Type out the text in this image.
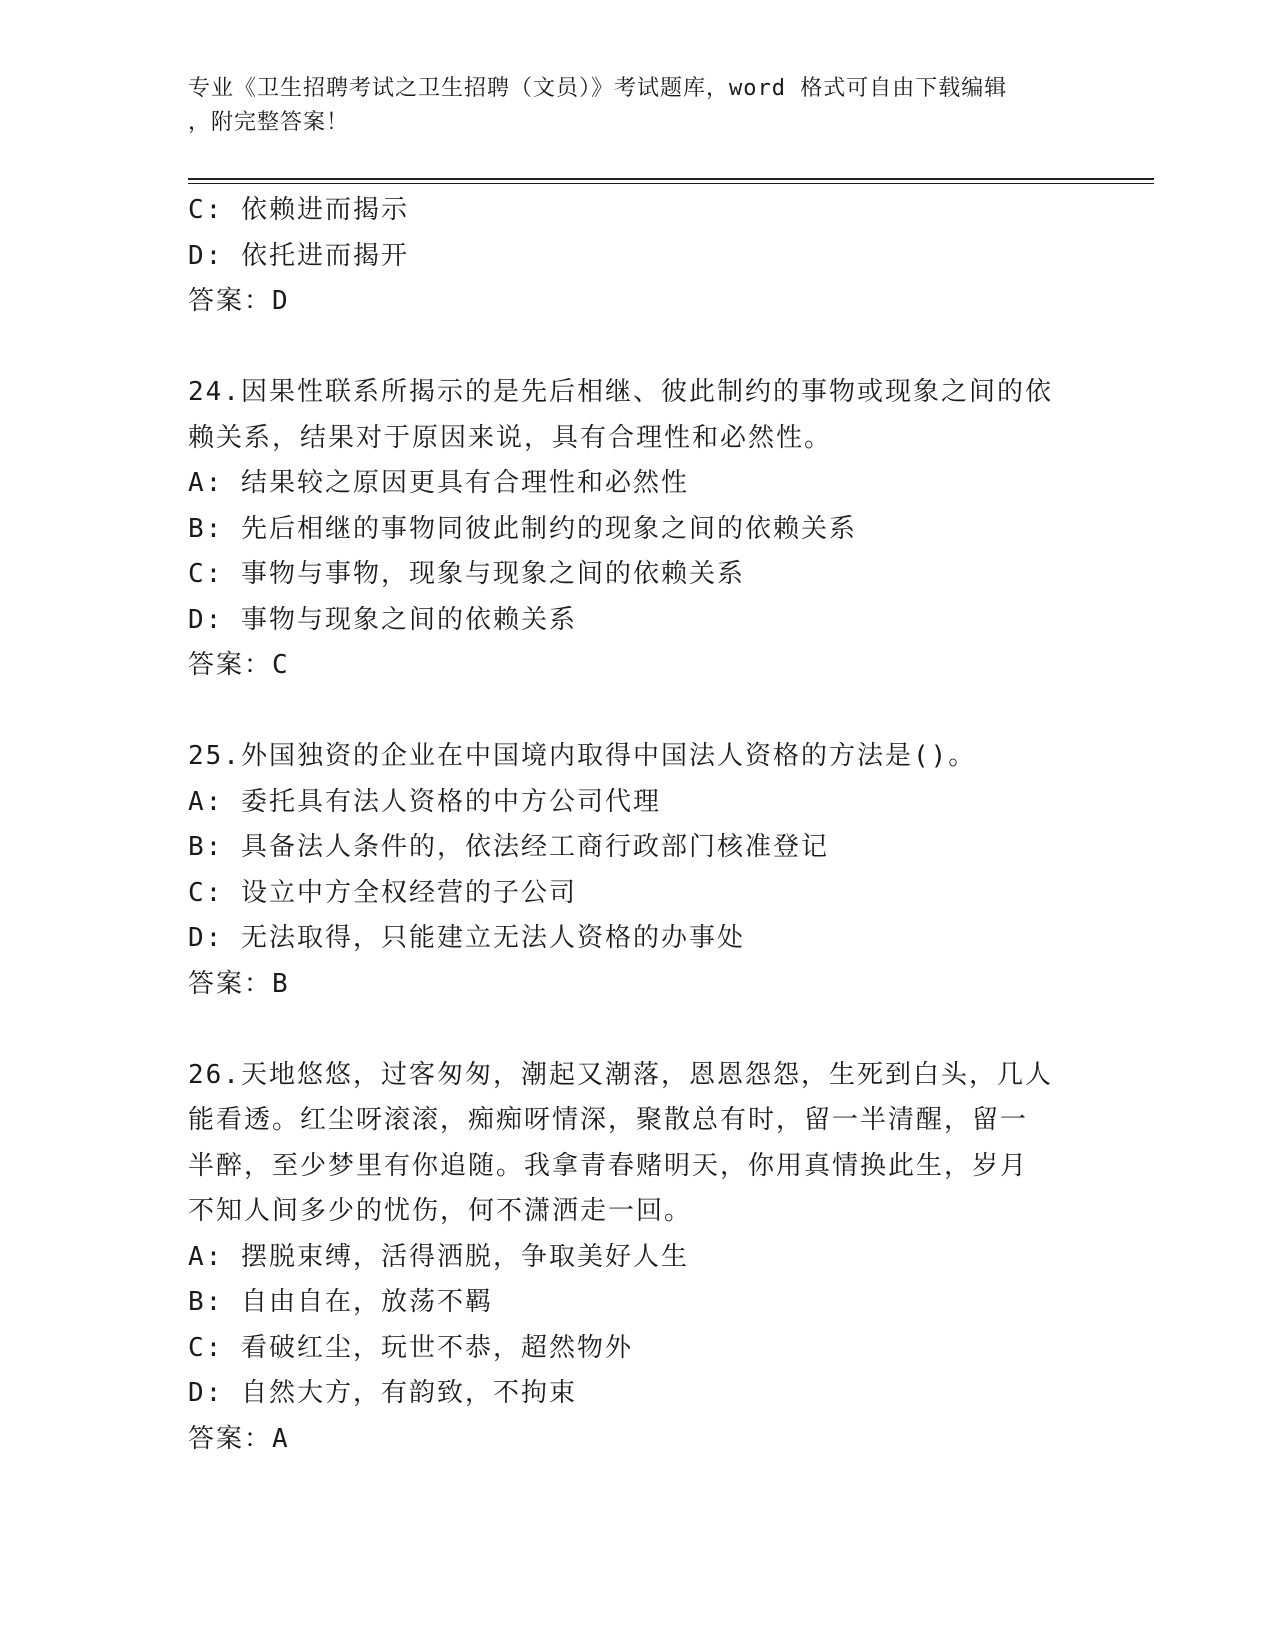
专业《卫生招聘考试之卫生招聘（文员）》考试题库，word 格式可自由下载编辑
，附完整答案！
C: 依赖进而揭示
D: 依托进而揭开
答案：D
24.因果性联系所揭示的是先后相继、彼此制约的事物或现象之间的依
赖关系，结果对于原因来说，具有合理性和必然性。
A: 结果较之原因更具有合理性和必然性
B: 先后相继的事物同彼此制约的现象之间的依赖关系
C: 事物与事物，现象与现象之间的依赖关系
D: 事物与现象之间的依赖关系
答案：C
25.外国独资的企业在中国境内取得中国法人资格的方法是()。
A: 委托具有法人资格的中方公司代理
B: 具备法人条件的，依法经工商行政部门核准登记
C: 设立中方全权经营的子公司
D: 无法取得，只能建立无法人资格的办事处
答案：B
26.天地悠悠，过客匆匆，潮起又潮落，恩恩怨怨，生死到白头，几人
能看透。红尘呀滚滚，痴痴呀情深，聚散总有时，留一半清醒，留一
半醉，至少梦里有你追随。我拿青春赌明天，你用真情换此生，岁月
不知人间多少的忧伤，何不潇洒走一回。
A: 摆脱束缚，活得洒脱，争取美好人生
B: 自由自在，放荡不羁
C: 看破红尘，玩世不恭，超然物外
D: 自然大方，有韵致，不拘束
答案：A
